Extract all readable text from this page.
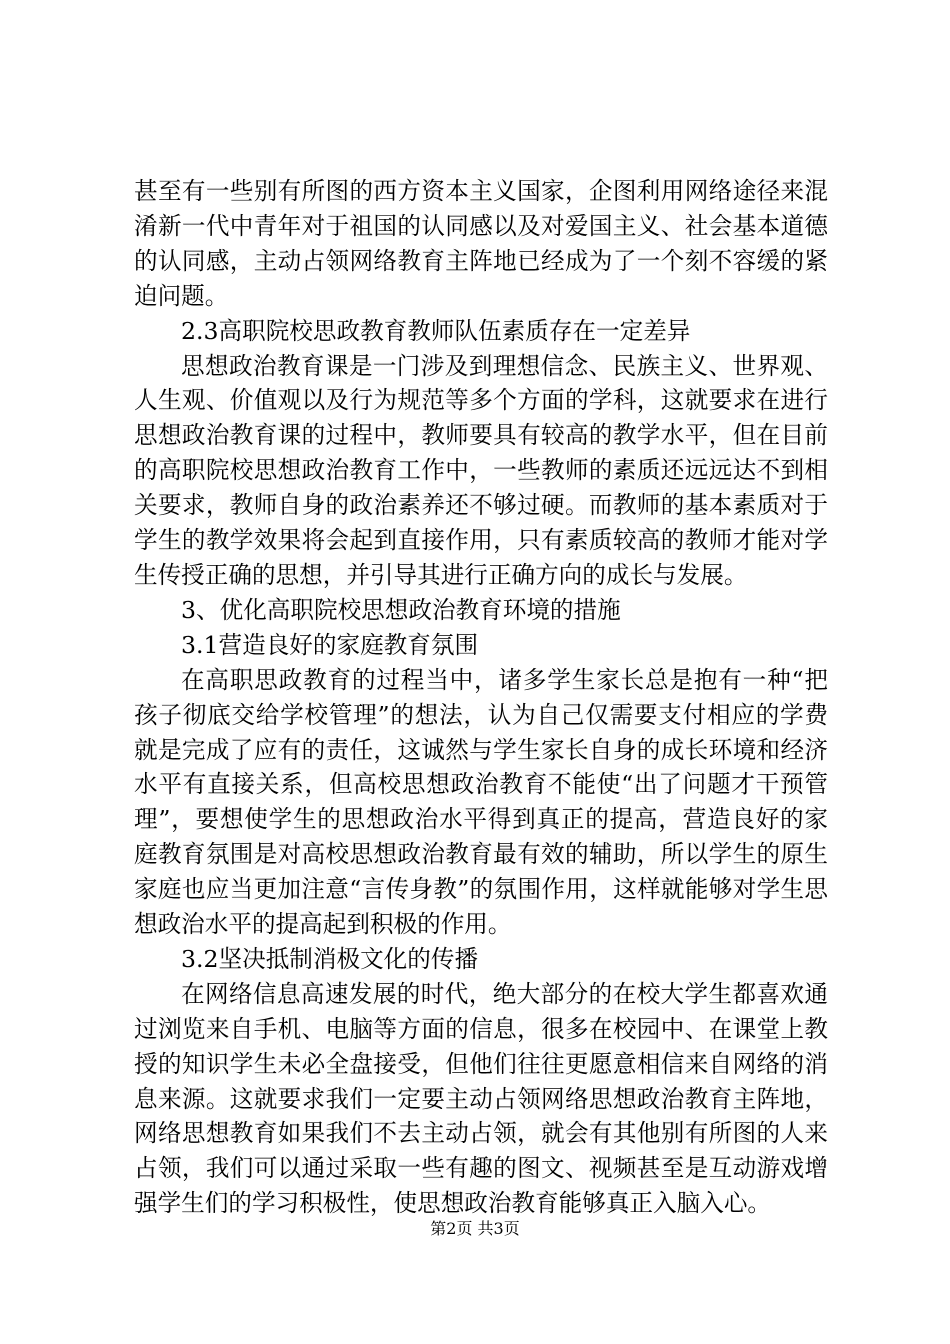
甚至有一些别有所图的西方资本主义国家，企图利用网络途径来混淆新一代中青年对于祖国的认同感以及对爱国主义、社会基本道德的认同感，主动占领网络教育主阵地已经成为了一个刻不容缓的紧迫问题。

2.3高职院校思政教育教师队伍素质存在一定差异

思想政治教育课是一门涉及到理想信念、民族主义、世界观、人生观、价值观以及行为规范等多个方面的学科，这就要求在进行思想政治教育课的过程中，教师要具有较高的教学水平，但在目前的高职院校思想政治教育工作中，一些教师的素质还远远达不到相关要求，教师自身的政治素养还不够过硬。而教师的基本素质对于学生的教学效果将会起到直接作用，只有素质较高的教师才能对学生传授正确的思想，并引导其进行正确方向的成长与发展。

3、优化高职院校思想政治教育环境的措施

3.1营造良好的家庭教育氛围

在高职思政教育的过程当中，诸多学生家长总是抱有一种“把孩子彻底交给学校管理”的想法，认为自己仅需要支付相应的学费就是完成了应有的责任，这诚然与学生家长自身的成长环境和经济水平有直接关系，但高校思想政治教育不能使“出了问题才干预管理”，要想使学生的思想政治水平得到真正的提高，营造良好的家庭教育氛围是对高校思想政治教育最有效的辅助，所以学生的原生家庭也应当更加注意“言传身教”的氛围作用，这样就能够对学生思想政治水平的提高起到积极的作用。

3.2坚决抵制消极文化的传播

在网络信息高速发展的时代，绝大部分的在校大学生都喜欢通过浏览来自手机、电脑等方面的信息，很多在校园中、在课堂上教授的知识学生未必全盘接受，但他们往往更愿意相信来自网络的消息来源。这就要求我们一定要主动占领网络思想政治教育主阵地，网络思想教育如果我们不去主动占领，就会有其他别有所图的人来占领，我们可以通过采取一些有趣的图文、视频甚至是互动游戏增强学生们的学习积极性，使思想政治教育能够真正入脑入心。

第2页 共3页
